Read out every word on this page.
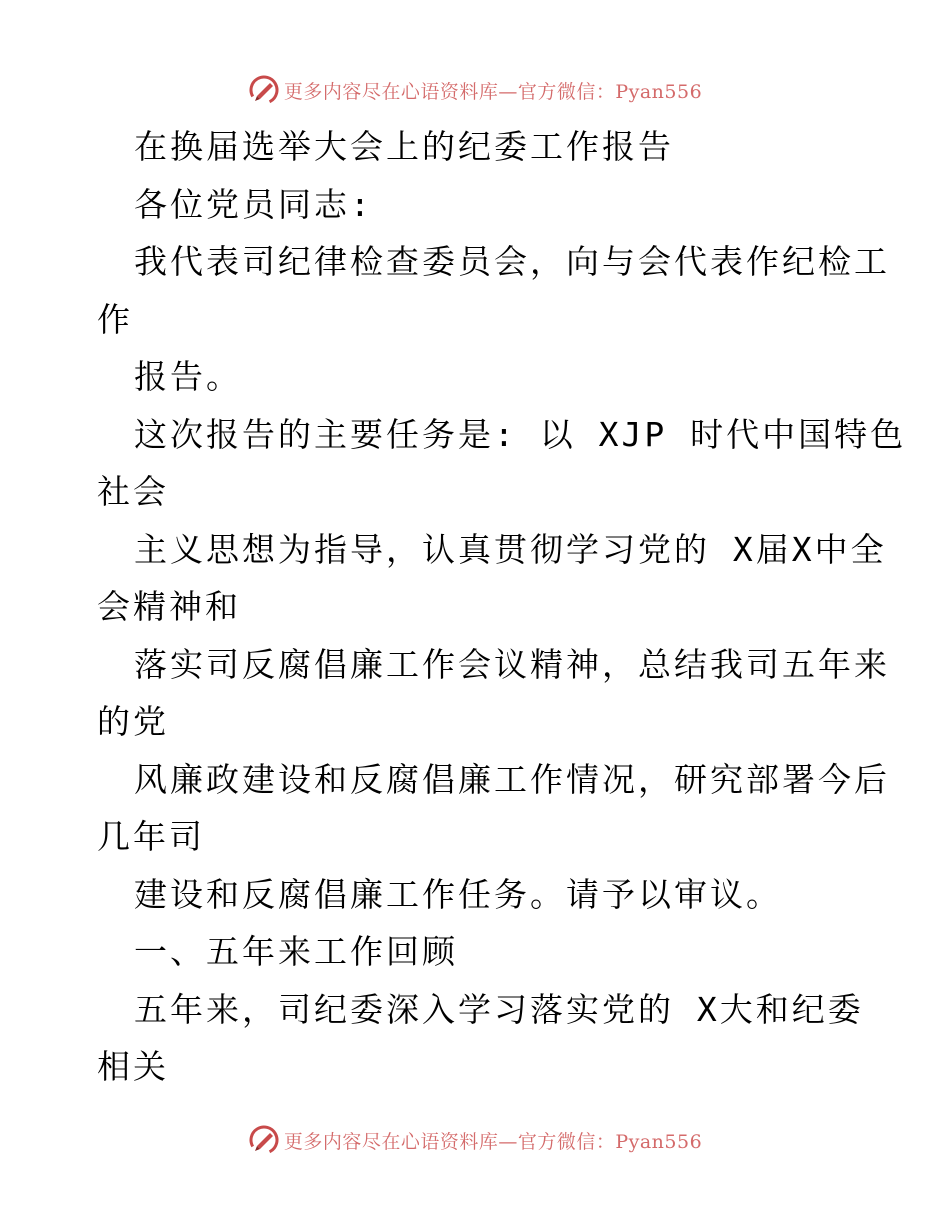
更多内容尽在心语资料库—官方微信：Pyan556
在换届选举大会上的纪委工作报告
各位党员同志:
我代表司纪律检查委员会，向与会代表作纪检工
作
报告。
这次报告的主要任务是: 以 XJP 时代中国特色
社会
主义思想为指导，认真贯彻学习党的 X届X中全
会精神和
落实司反腐倡廉工作会议精神，总结我司五年来
的党
风廉政建设和反腐倡廉工作情况，研究部署今后
几年司
建设和反腐倡廉工作任务。请予以审议。
一、五年来工作回顾
五年来，司纪委深入学习落实党的 X大和纪委
相关
更多内容尽在心语资料库—官方微信：Pyan556
